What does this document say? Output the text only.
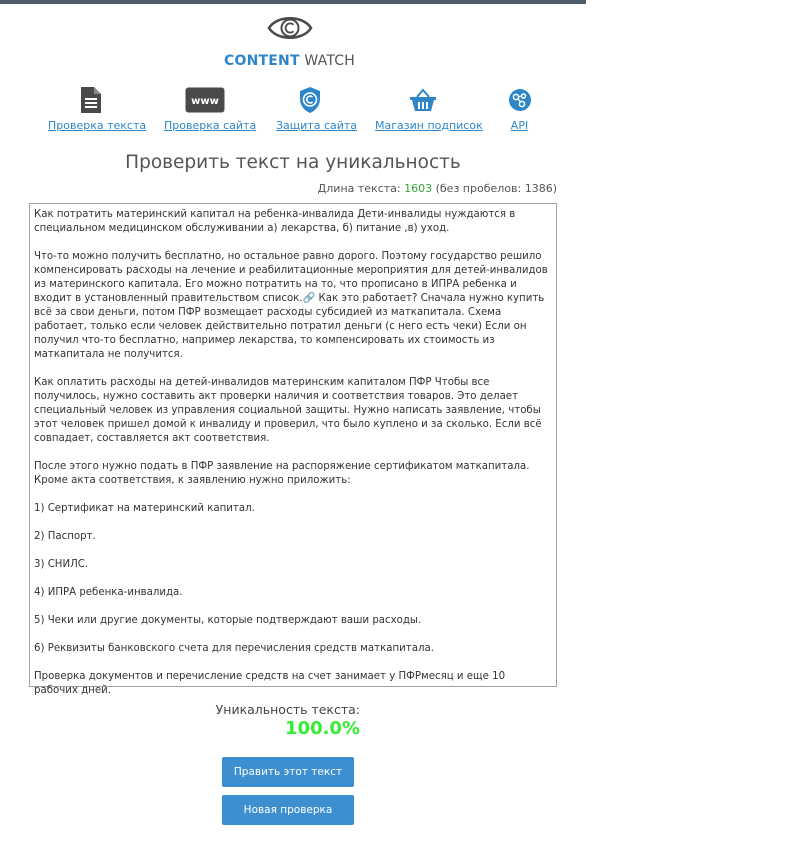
CONTENT WATCH
Проверка текста
www
Проверка сайта Защита сайта Магазин подписок	API
Проверить текст на уникальность
Длина текста: 1603 (без пробелов: 1386)

Как потратить материнский капитал на ребенка-инвалида Дети-инвалиды нуждаются в специальном медицинском обслуживании а) лекарства, б) питание ,в) уход.

Что-то можно получить бесплатно, но остальное равно дорого. Поэтому государство решило компенсировать расходы на лечение и реабилитационные мероприятия для детей-инвалидов из материнского капитала. Его можно потратить на то, что прописано в ИПРА ребенка и входит в установленный правительством список.🔗 Как это работает? Сначала нужно купить всё за свои деньги, потом ПФР возмещает расходы субсидией из маткапитала. Схема работает, только если человек действительно потратил деньги (с него есть чеки) Если он получил что-то бесплатно, например лекарства, то компенсировать их стоимость из маткапитала не получится.

Как оплатить расходы на детей-инвалидов материнским капиталом ПФР Чтобы все получилось, нужно составить акт проверки наличия и соответствия товаров. Это делает специальный человек из управления социальной защиты. Нужно написать заявление, чтобы этот человек пришел домой к инвалиду и проверил, что было куплено и за сколько. Если всё совпадает, составляется акт соответствия.

После этого нужно подать в ПФР заявление на распоряжение сертификатом маткапитала. Кроме акта соответствия, к заявлению нужно приложить:

1) Сертификат на материнский капитал.

2) Паспорт.

3) СНИЛС.

4) ИПРА ребенка-инвалида.

5) Чеки или другие документы, которые подтверждают ваши расходы.

6) Реквизиты банковского счета для перечисления средств маткапитала.

Проверка документов и перечисление средств на счет занимает у ПФРмесяц и еще 10 рабочих дней.

Уникальность текста:
100.0%
Править этот текст
Новая проверка
